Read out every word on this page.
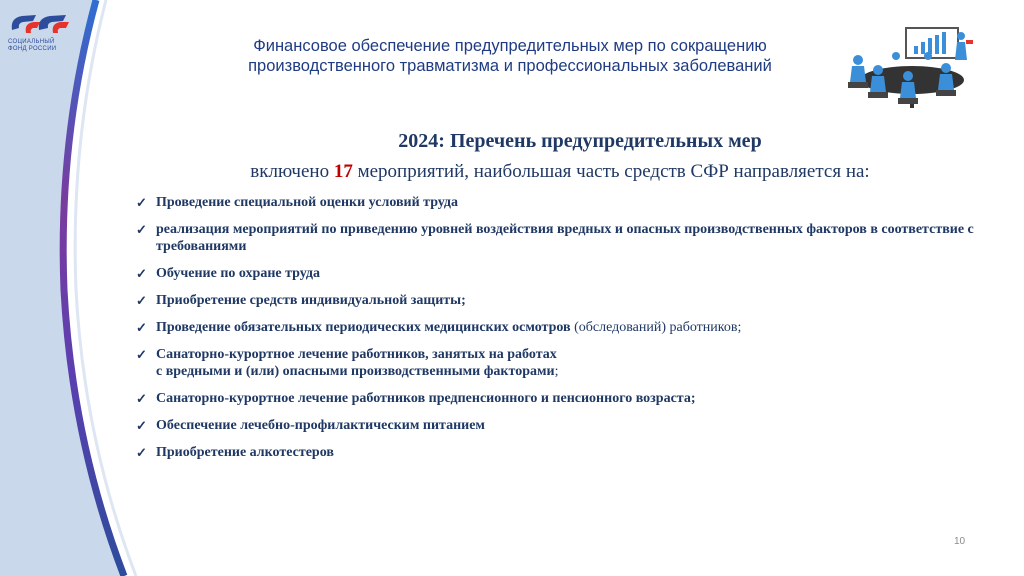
СОЦИАЛЬНЫЙ
ФОНД РОССИИ	Финансовое обеспечение предупредительных мер по сокращению
производственного травматизма и профессиональных заболеваний
2024: Перечень предупредительных мер
включено 17 мероприятий, наибольшая часть средств СФР направляется на:
✓ Проведение специальной оценки условий труда
✓ реализация мероприятий по приведению уровней воздействия вредных и опасных производственных факторов в соответствие с требованиями
✓ Обучение по охране труда
✓ Приобретение средств индивидуальной защиты;
✓ Проведение обязательных периодических медицинских осмотров (обследований) работников;
✓ Санаторно-курортное лечение работников, занятых на работах
с вредными и (или) опасными производственными факторами;
✓ Санаторно-курортное лечение работников предпенсионного и пенсионного возраста;
✓ Обеспечение лечебно-профилактическим питанием
✓ Приобретение алкотестеров
10
